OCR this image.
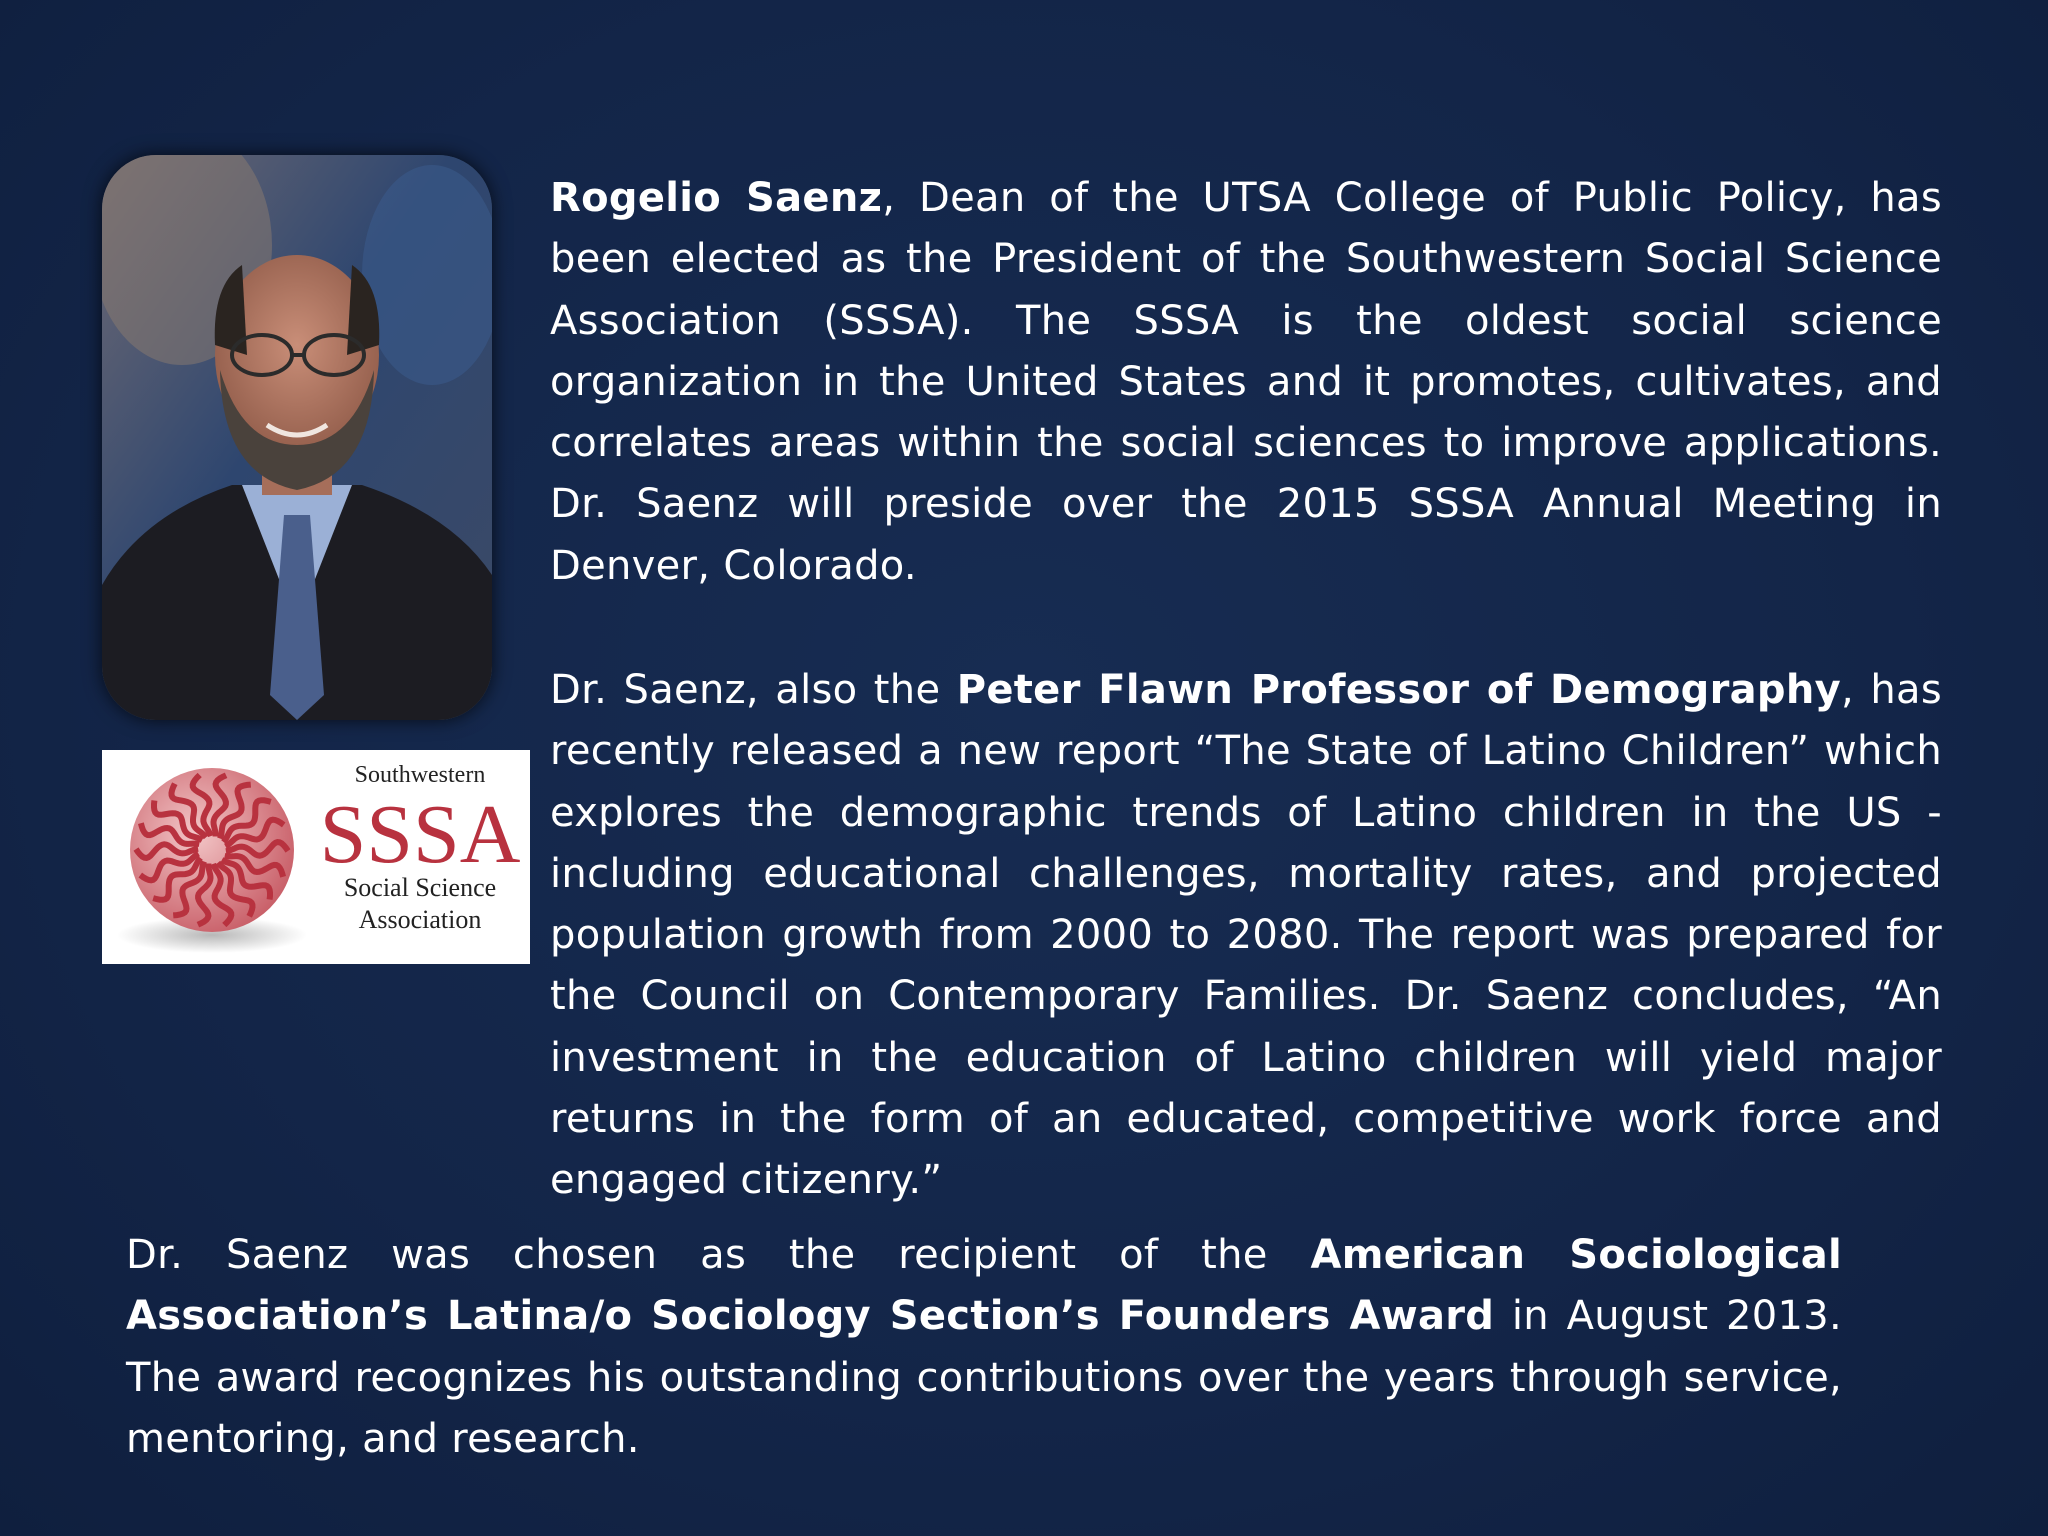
Southwestern
SSSA
Social Science
Association

Rogelio Saenz, Dean of the UTSA College of Public Policy, has been elected as the President of the Southwestern Social Science Association (SSSA). The SSSA is the oldest social science organization in the United States and it promotes, cultivates, and correlates areas within the social sciences to improve applications. Dr. Saenz will preside over the 2015 SSSA Annual Meeting in Denver, Colorado.

Dr. Saenz, also the Peter Flawn Professor of Demography, has recently released a new report “The State of Latino Children” which explores the demographic trends of Latino children in the US - including educational challenges, mortality rates, and projected population growth from 2000 to 2080. The report was prepared for the Council on Contemporary Families. Dr. Saenz concludes, “An investment in the education of Latino children will yield major returns in the form of an educated, competitive work force and engaged citizenry.”

Dr. Saenz was chosen as the recipient of the American Sociological Association’s Latina/o Sociology Section’s Founders Award in August 2013. The award recognizes his outstanding contributions over the years through service, mentoring, and research.
